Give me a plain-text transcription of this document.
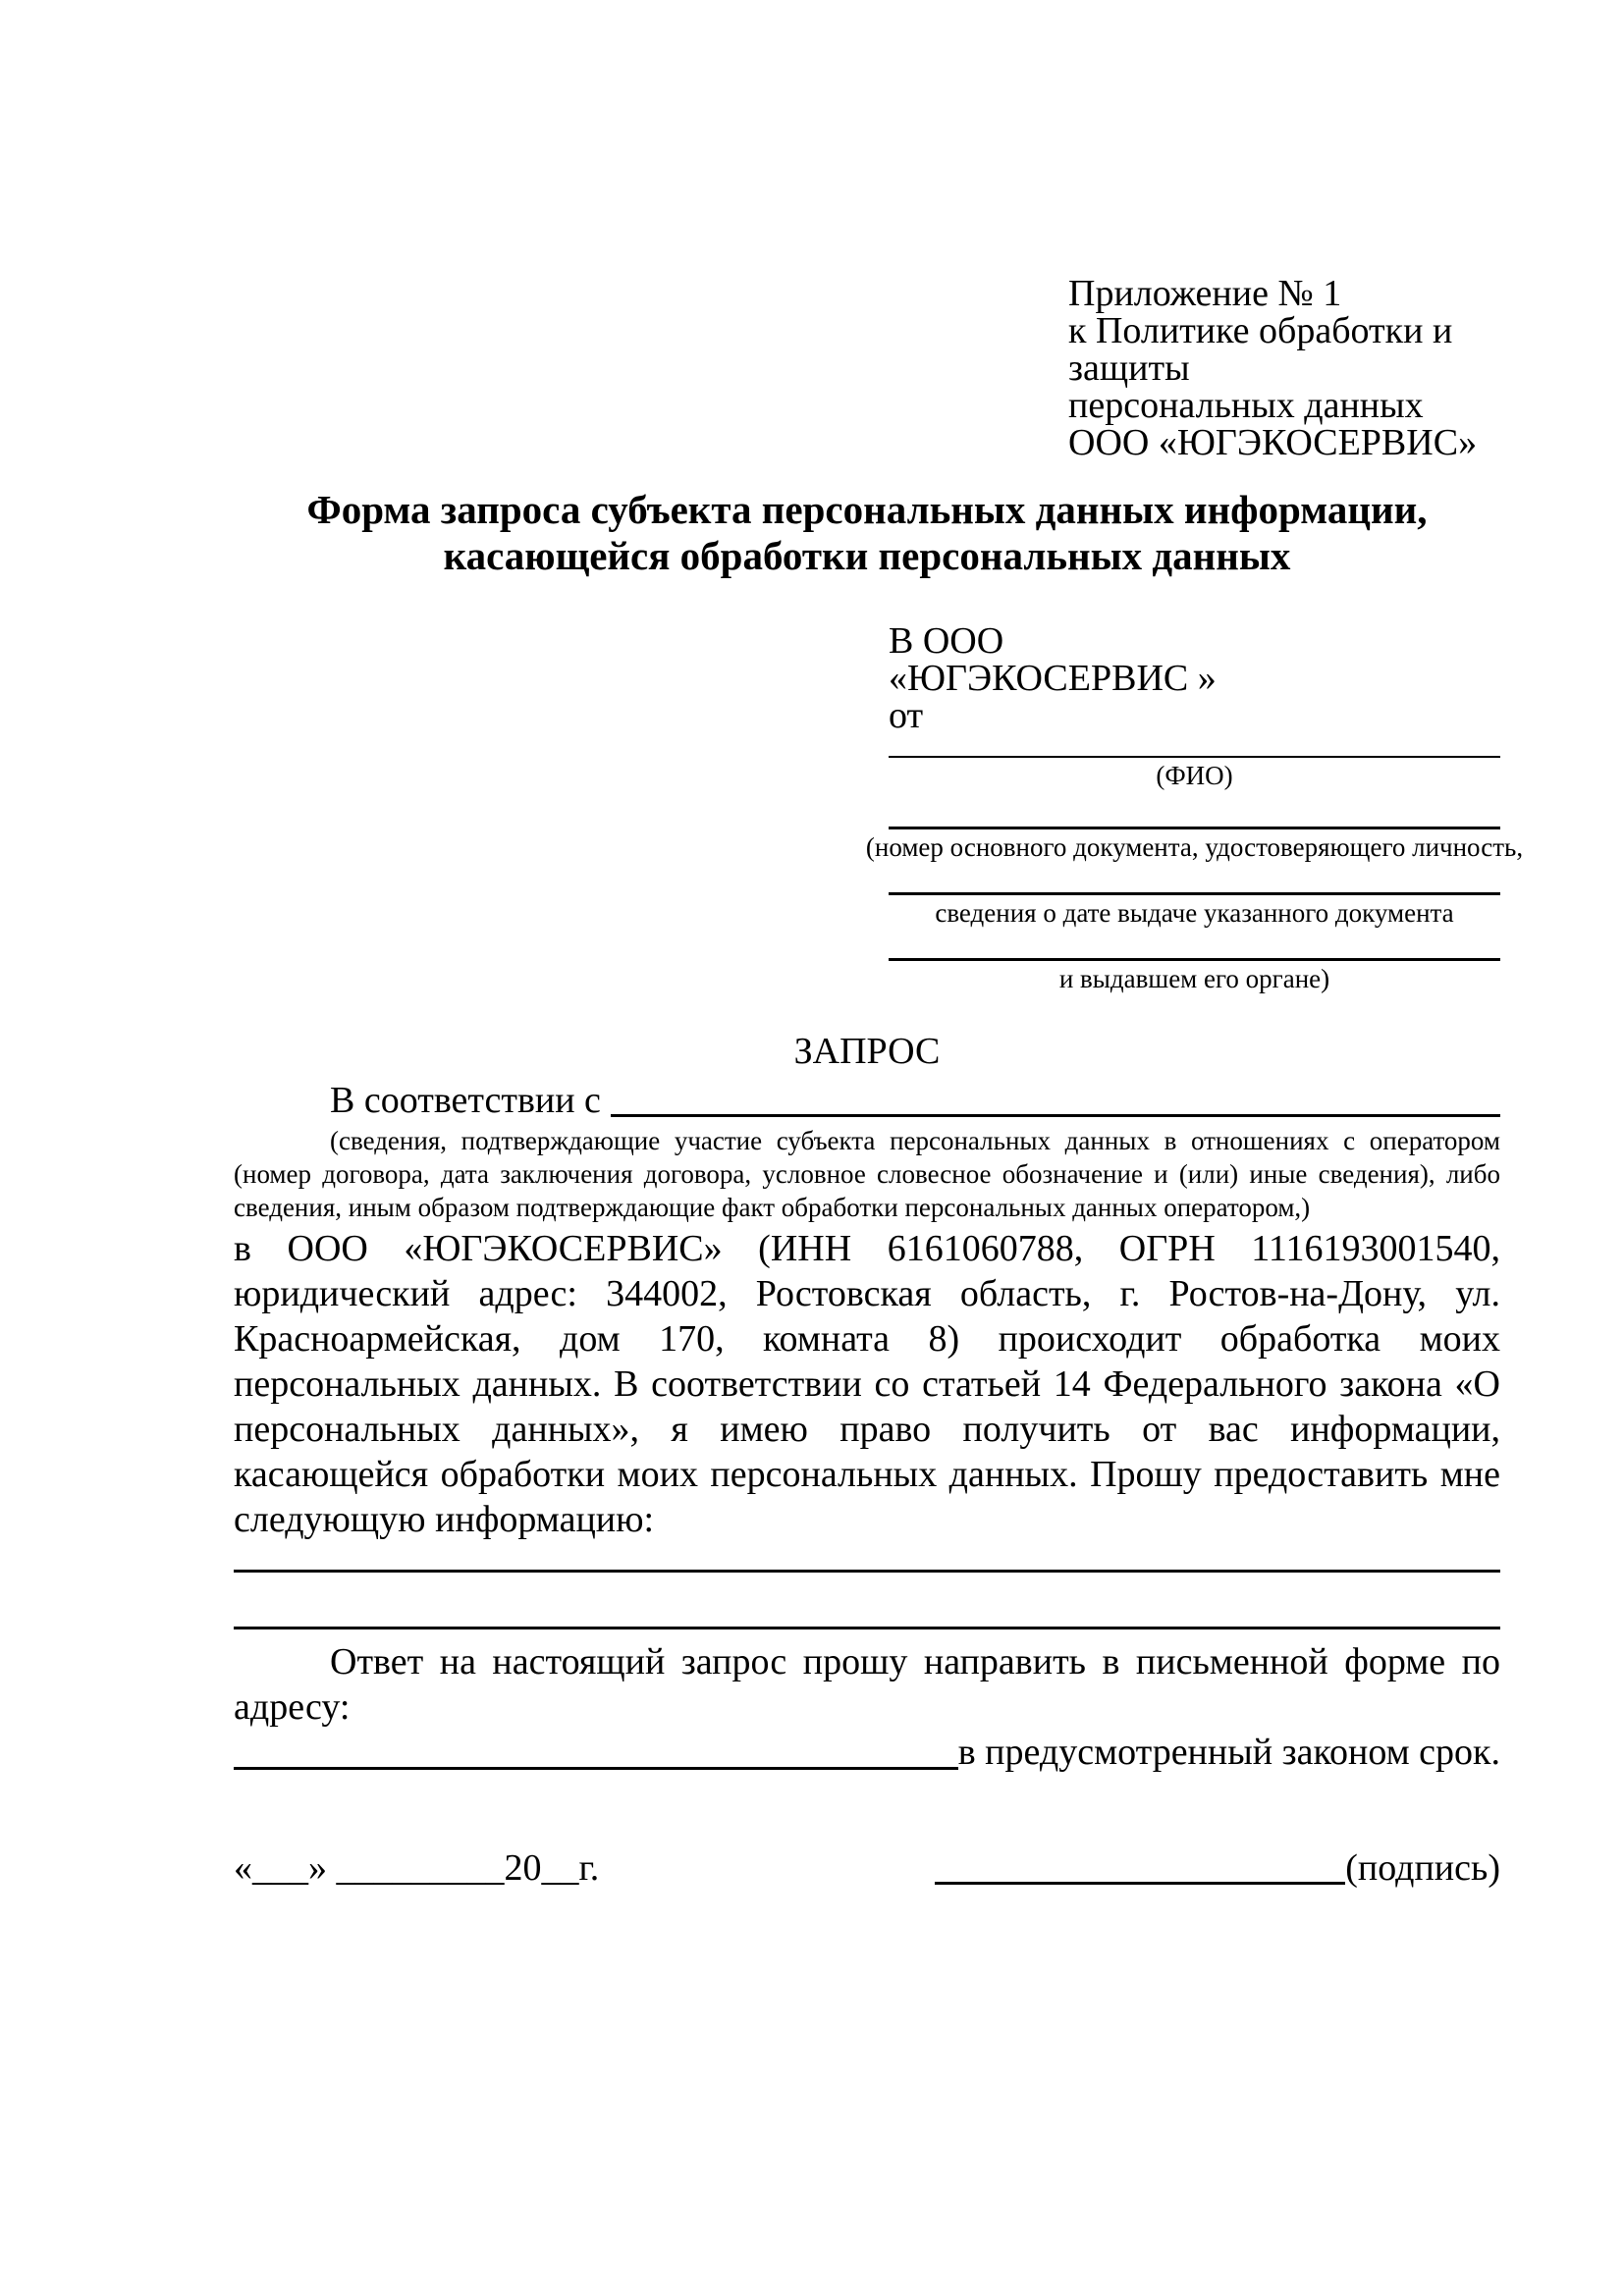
Приложение № 1
к Политике обработки и защиты
персональных данных
ООО «ЮГЭКОСЕРВИС»
Форма запроса субъекта персональных данных информации,
касающейся обработки персональных данных
В ООО
«ЮГЭКОСЕРВИС »
от
(ФИО)
(номер основного документа, удостоверяющего личность,
сведения о дате выдаче указанного документа
и выдавшем его органе)
ЗАПРОС
В соответствии с
(сведения, подтверждающие участие субъекта персональных данных в отношениях с оператором (номер договора, дата заключения договора, условное словесное обозначение и (или) иные сведения), либо сведения, иным образом подтверждающие факт обработки персональных данных оператором,)
в ООО «ЮГЭКОСЕРВИС» (ИНН 6161060788, ОГРН 1116193001540, юридический адрес: 344002, Ростовская область, г. Ростов-на-Дону, ул. Красноармейская, дом 170, комната 8) происходит обработка моих персональных данных. В соответствии со статьей 14 Федерального закона «О персональных данных», я имею право получить от вас информации, касающейся обработки моих персональных данных. Прошу предоставить мне следующую информацию:
Ответ на настоящий запрос прошу направить в письменной форме по адресу:
в предусмотренный законом срок.
«___» _________20__г.	(подпись)
